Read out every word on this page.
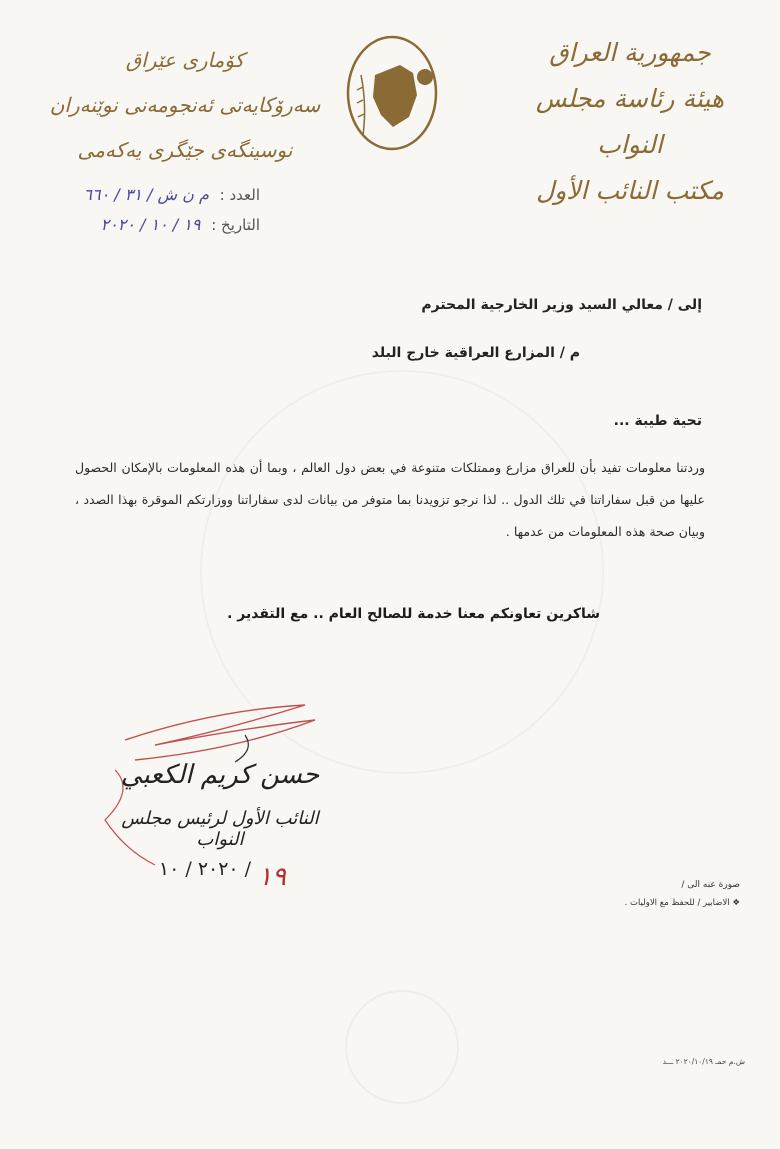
جمهورية العراق
هيئة رئاسة مجلس النواب
مكتب النائب الأول
كۆماری عێراق
سەرۆكایەتی ئەنجومەنی نوێنەران
نوسینگەی جێگری یەكەمی
العدد : م ن ش / ٣١ / ٦٦٠
التاريخ : ١٩ / ١٠ / ٢٠٢٠
إلى / معالي السيد وزير الخارجية المحترم
م / المزارع العراقية خارج البلد
تحية طيبة ...
وردتنا معلومات تفيد بأن للعراق مزارع وممتلكات متنوعة في بعض دول العالم ، وبما أن هذه المعلومات بالإمكان الحصول عليها من قبل سفاراتنا في تلك الدول .. لذا نرجو تزويدنا بما متوفر من بيانات لدى سفاراتنا ووزارتكم الموقرة بهذا الصدد ، وبيان صحة هذه المعلومات من عدمها .
شاكرين تعاونكم معنا خدمة للصالح العام .. مع التقدير .
حسن كريم الكعبي
النائب الأول لرئيس مجلس النواب
٢٠٢٠ / ١٠ / ١٩	صورة عنه الى /
❖ الاضابير / للحفظ مع الاوليات .
ش.م حمـ ٢٠٢٠/١٠/١٩ ـــد
